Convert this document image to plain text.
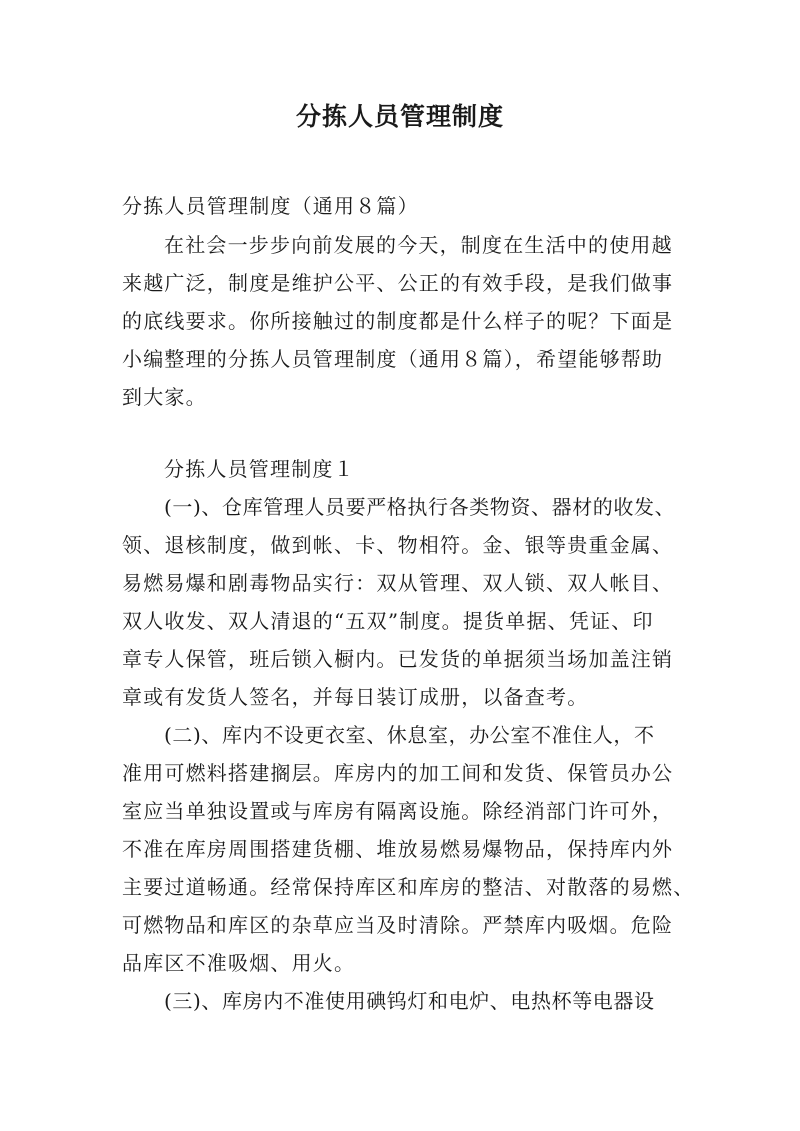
分拣人员管理制度
分拣人员管理制度（通用８篇）
在社会一步步向前发展的今天，制度在生活中的使用越
来越广泛，制度是维护公平、公正的有效手段，是我们做事
的底线要求。你所接触过的制度都是什么样子的呢？下面是
小编整理的分拣人员管理制度（通用８篇），希望能够帮助
到大家。
分拣人员管理制度１
(一)、仓库管理人员要严格执行各类物资、器材的收发、
领、退核制度，做到帐、卡、物相符。金、银等贵重金属、
易燃易爆和剧毒物品实行：双从管理、双人锁、双人帐目、
双人收发、双人清退的“五双”制度。提货单据、凭证、印
章专人保管，班后锁入橱内。已发货的单据须当场加盖注销
章或有发货人签名，并每日装订成册，以备查考。
(二)、库内不设更衣室、休息室，办公室不准住人，不
准用可燃料搭建搁层。库房内的加工间和发货、保管员办公
室应当单独设置或与库房有隔离设施。除经消部门许可外，
不准在库房周围搭建货棚、堆放易燃易爆物品，保持库内外
主要过道畅通。经常保持库区和库房的整洁、对散落的易燃、
可燃物品和库区的杂草应当及时清除。严禁库内吸烟。危险
品库区不准吸烟、用火。
(三)、库房内不准使用碘钨灯和电炉、电热杯等电器设
